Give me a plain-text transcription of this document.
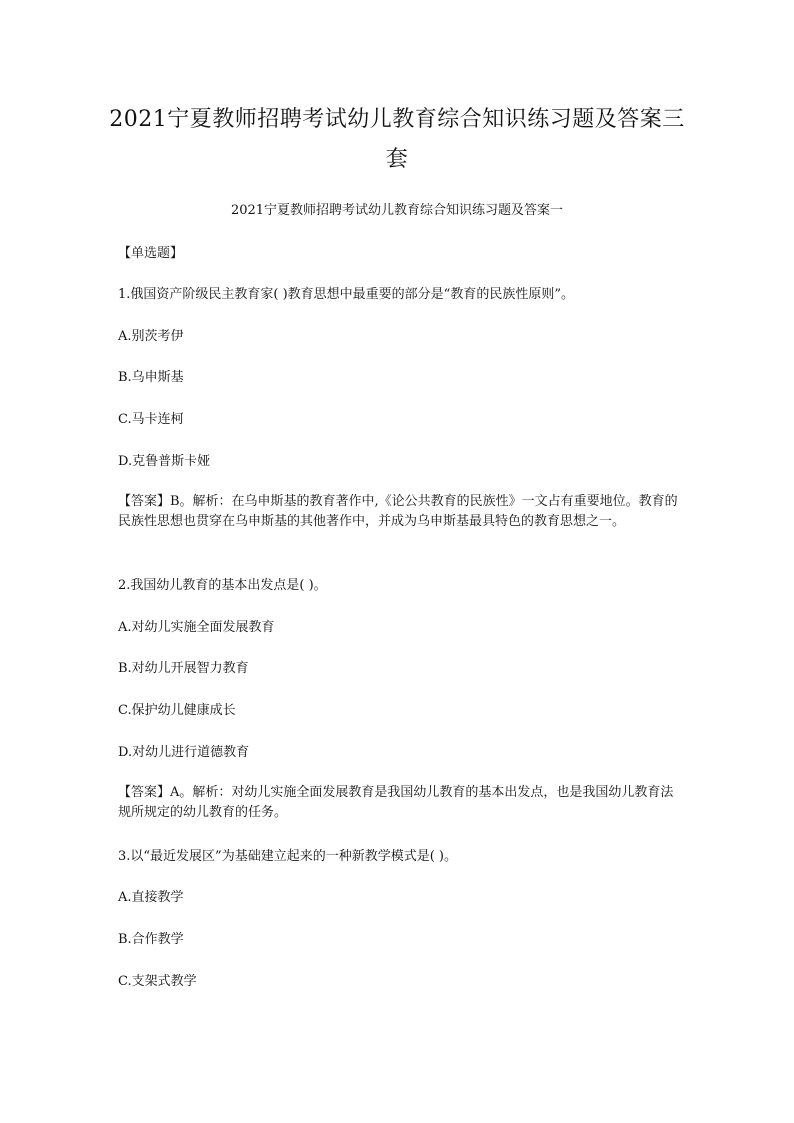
2021宁夏教师招聘考试幼儿教育综合知识练习题及答案三
套
2021宁夏教师招聘考试幼儿教育综合知识练习题及答案一
【单选题】
1.俄国资产阶级民主教育家( )教育思想中最重要的部分是“教育的民族性原则”。
A.别茨考伊
B.乌申斯基
C.马卡连柯
D.克鲁普斯卡娅
【答案】B。解析：在乌申斯基的教育著作中,《论公共教育的民族性》一文占有重要地位。教育的民族性思想也贯穿在乌申斯基的其他著作中，并成为乌申斯基最具特色的教育思想之一。
2.我国幼儿教育的基本出发点是( )。
A.对幼儿实施全面发展教育
B.对幼儿开展智力教育
C.保护幼儿健康成长
D.对幼儿进行道德教育
【答案】A。解析：对幼儿实施全面发展教育是我国幼儿教育的基本出发点，也是我国幼儿教育法规所规定的幼儿教育的任务。
3.以“最近发展区”为基础建立起来的一种新教学模式是( )。
A.直接教学
B.合作教学
C.支架式教学
